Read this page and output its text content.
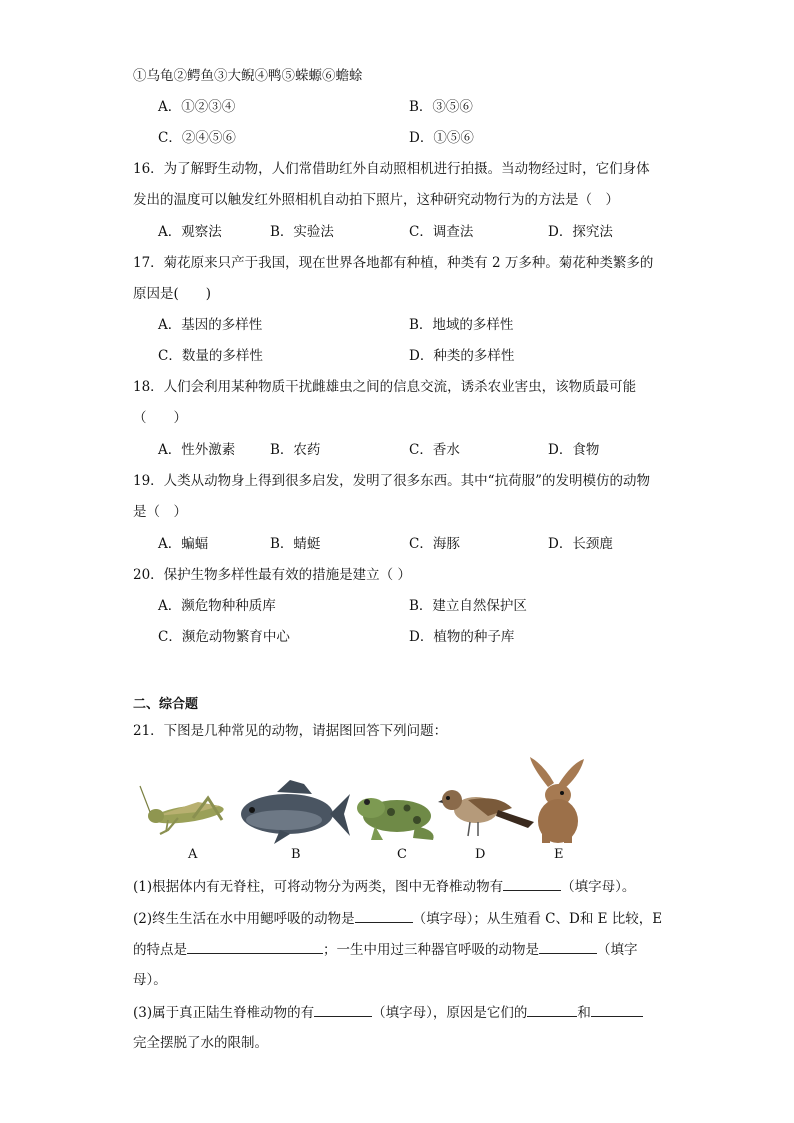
①乌龟②鳄鱼③大鲵④鸭⑤蝾螈⑥蟾蜍
A．①②③④	B．③⑤⑥
C．②④⑤⑥	D．①⑤⑥
16．为了解野生动物，人们常借助红外自动照相机进行拍摄。当动物经过时，它们身体
发出的温度可以触发红外照相机自动拍下照片，这种研究动物行为的方法是（　）
A．观察法	B．实验法	C．调查法	D．探究法
17．菊花原来只产于我国，现在世界各地都有种植，种类有 2 万多种。菊花种类繁多的
原因是(　　)
A．基因的多样性	B．地域的多样性
C．数量的多样性	D．种类的多样性
18．人们会利用某种物质干扰雌雄虫之间的信息交流，诱杀农业害虫，该物质最可能
（　　）
A．性外激素	B．农药	C．香水	D．食物
19．人类从动物身上得到很多启发，发明了很多东西。其中“抗荷服”的发明模仿的动物
是（　）
A．蝙蝠	B．蜻蜓	C．海豚	D．长颈鹿
20．保护生物多样性最有效的措施是建立（ ）
A．濒危物种种质库	B．建立自然保护区
C．濒危动物繁育中心	D．植物的种子库
二、综合题
21．下图是几种常见的动物，请据图回答下列问题：
A	B	C	D	E
(1)根据体内有无脊柱，可将动物分为两类，图中无脊椎动物有	（填字母）。
(2)终生生活在水中用鳃呼吸的动物是	（填字母）；从生殖看 C、D和 E 比较，E
的特点是	；一生中用过三种器官呼吸的动物是	（填字
母）。
(3)属于真正陆生脊椎动物的有	（填字母），原因是它们的	和
完全摆脱了水的限制。
